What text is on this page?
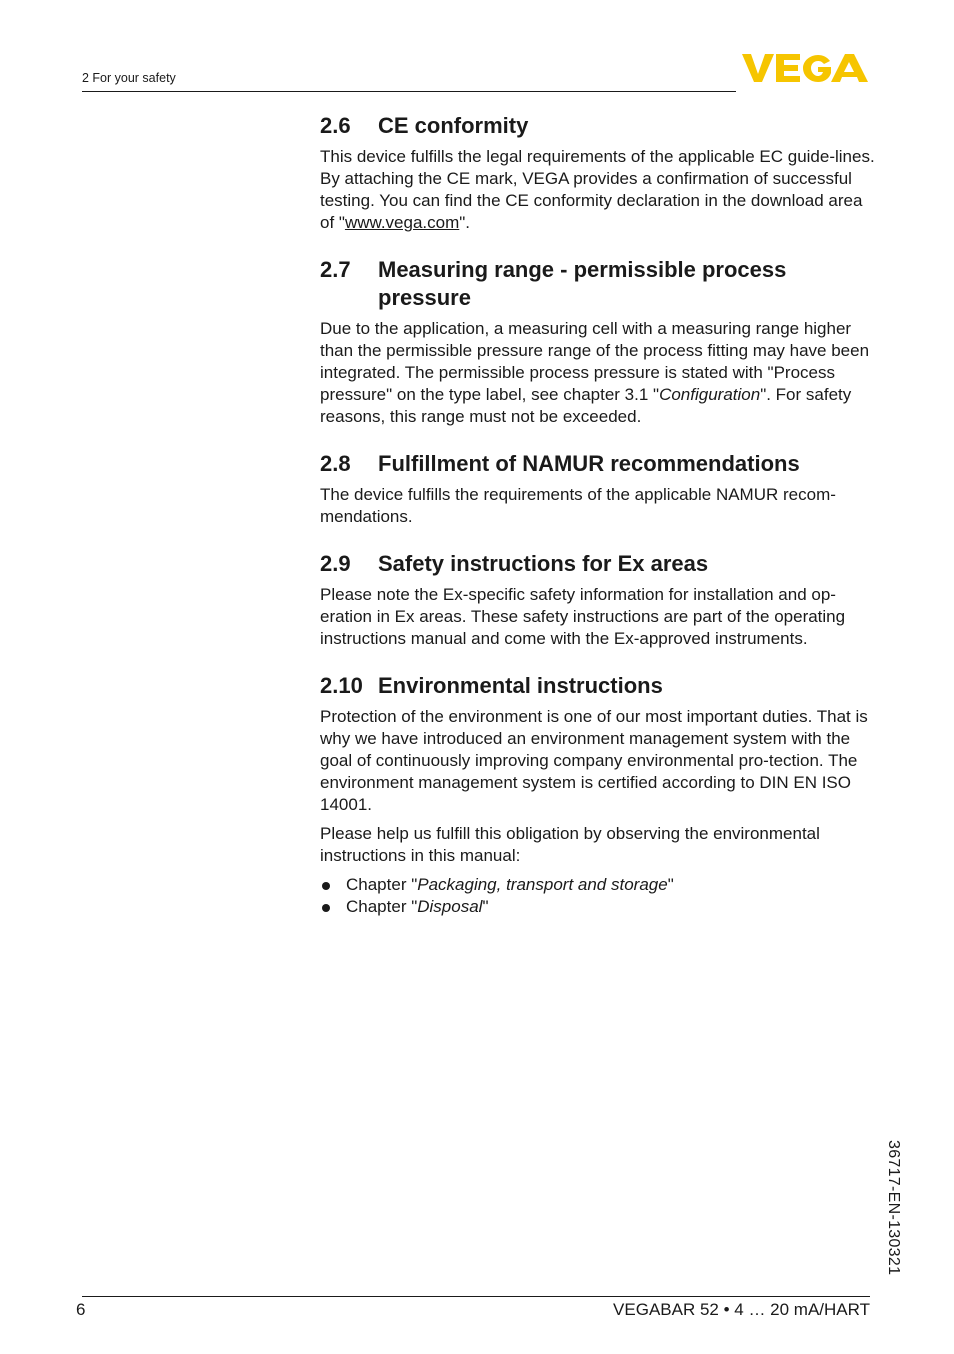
2 For your safety
2.6	CE conformity

This device fulfills the legal requirements of the applicable EC guide-lines. By attaching the CE mark, VEGA provides a confirmation of successful testing. You can find the CE conformity declaration in the download area of "www.vega.com".

2.7	Measuring range - permissible process pressure

Due to the application, a measuring cell with a measuring range higher than the permissible pressure range of the process fitting may have been integrated. The permissible process pressure is stated with "Process pressure" on the type label, see chapter 3.1 "Configuration". For safety reasons, this range must not be exceeded.

2.8	Fulfillment of NAMUR recommendations

The device fulfills the requirements of the applicable NAMUR recom-mendations.

2.9	Safety instructions for Ex areas

Please note the Ex-specific safety information for installation and op-eration in Ex areas. These safety instructions are part of the operating instructions manual and come with the Ex-approved instruments.

2.10 Environmental instructions

Protection of the environment is one of our most important duties. That is why we have introduced an environment management system with the goal of continuously improving company environmental pro-tection. The environment management system is certified according to DIN EN ISO 14001.

Please help us fulfill this obligation by observing the environmental instructions in this manual:

Chapter "Packaging, transport and storage"
Chapter "Disposal"
36717-EN-130321
6	VEGABAR 52 • 4 … 20 mA/HART
